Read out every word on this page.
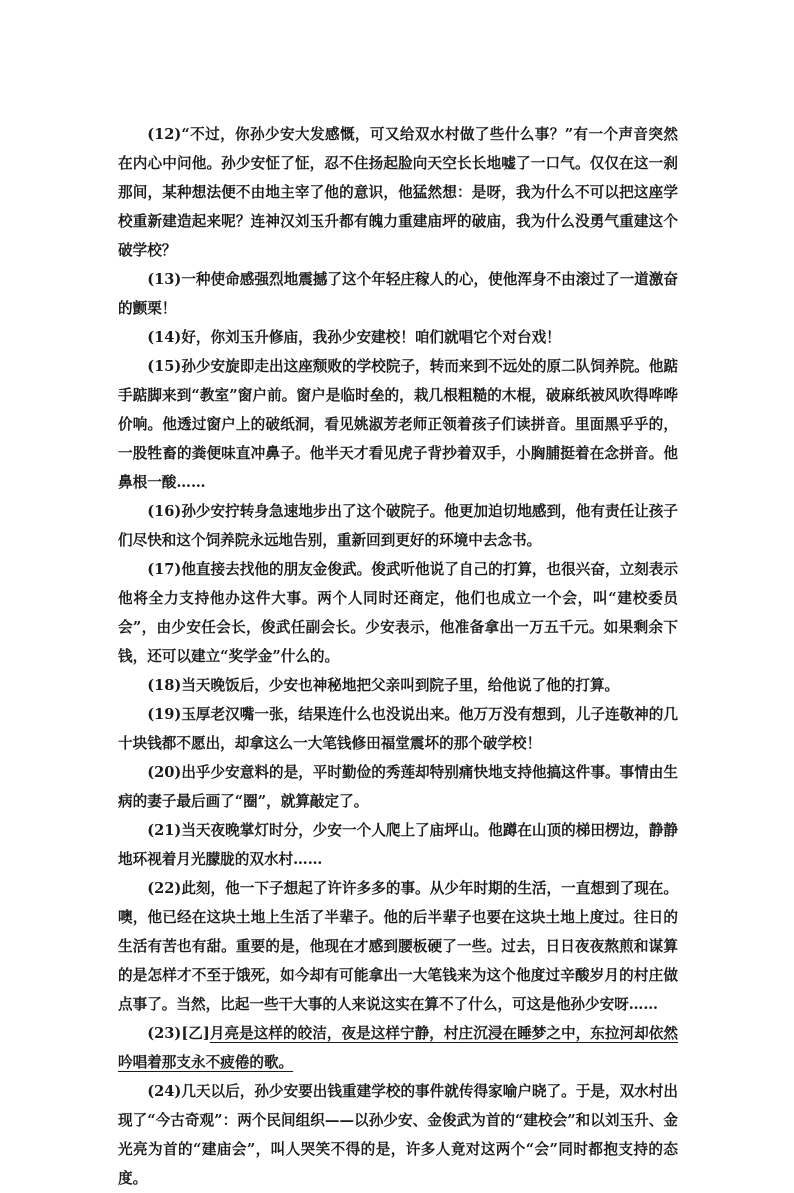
(12)“不过，你孙少安大发感慨，可又给双水村做了些什么事？”有一个声音突然在内心中问他。孙少安怔了怔，忍不住扬起脸向天空长长地嘘了一口气。仅仅在这一刹那间，某种想法便不由地主宰了他的意识，他猛然想：是呀，我为什么不可以把这座学校重新建造起来呢？连神汉刘玉升都有魄力重建庙坪的破庙，我为什么没勇气重建这个破学校？

(13)一种使命感强烈地震撼了这个年轻庄稼人的心，使他浑身不由滚过了一道激奋的颤栗！

(14)好，你刘玉升修庙，我孙少安建校！咱们就唱它个对台戏！

(15)孙少安旋即走出这座颓败的学校院子，转而来到不远处的原二队饲养院。他踮手踮脚来到“教室”窗户前。窗户是临时垒的，栽几根粗糙的木棍，破麻纸被风吹得哗哗价响。他透过窗户上的破纸洞，看见姚淑芳老师正领着孩子们读拼音。里面黑乎乎的，一股牲畜的粪便味直冲鼻子。他半天才看见虎子背抄着双手，小胸脯挺着在念拼音。他鼻根一酸……

(16)孙少安拧转身急速地步出了这个破院子。他更加迫切地感到，他有责任让孩子们尽快和这个饲养院永远地告别，重新回到更好的环境中去念书。

(17)他直接去找他的朋友金俊武。俊武听他说了自己的打算，也很兴奋，立刻表示他将全力支持他办这件大事。两个人同时还商定，他们也成立一个会，叫“建校委员会”，由少安任会长，俊武任副会长。少安表示，他准备拿出一万五千元。如果剩余下钱，还可以建立“奖学金”什么的。

(18)当天晚饭后，少安也神秘地把父亲叫到院子里，给他说了他的打算。

(19)玉厚老汉嘴一张，结果连什么也没说出来。他万万没有想到，儿子连敬神的几十块钱都不愿出，却拿这么一大笔钱修田福堂震坏的那个破学校！

(20)出乎少安意料的是，平时勤俭的秀莲却特别痛快地支持他搞这件事。事情由生病的妻子最后画了“圈”，就算敲定了。

(21)当天夜晚掌灯时分，少安一个人爬上了庙坪山。他蹲在山顶的梯田楞边，静静地环视着月光朦胧的双水村……

(22)此刻，他一下子想起了许许多多的事。从少年时期的生活，一直想到了现在。噢，他已经在这块土地上生活了半辈子。他的后半辈子也要在这块土地上度过。往日的生活有苦也有甜。重要的是，他现在才感到腰板硬了一些。过去，日日夜夜熬煎和谋算的是怎样才不至于饿死，如今却有可能拿出一大笔钱来为这个他度过辛酸岁月的村庄做点事了。当然，比起一些干大事的人来说这实在算不了什么，可这是他孙少安呀……

(23)[乙]月亮是这样的皎洁，夜是这样宁静，村庄沉浸在睡梦之中，东拉河却依然吟唱着那支永不疲倦的歌。

(24)几天以后，孙少安要出钱重建学校的事件就传得家喻户晓了。于是，双水村出现了“今古奇观”：两个民间组织——以孙少安、金俊武为首的“建校会”和以刘玉升、金光亮为首的“建庙会”，叫人哭笑不得的是，许多人竟对这两个“会”同时都抱支持的态度。
